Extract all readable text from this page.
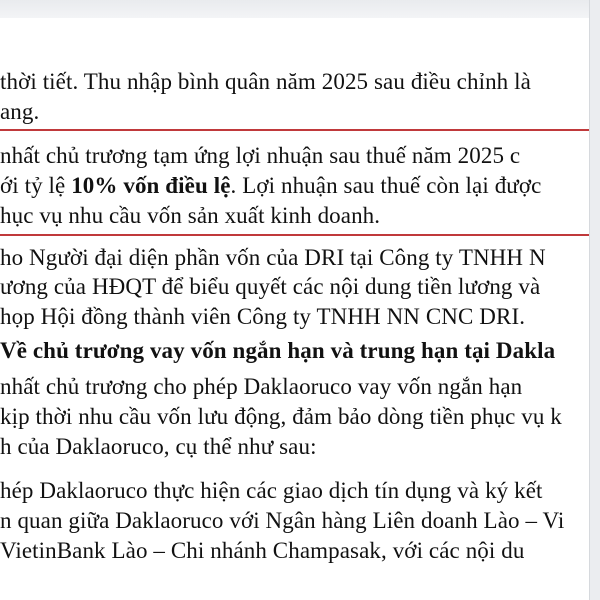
thời tiết. Thu nhập bình quân năm 2025 sau điều chỉnh là
ang.
nhất chủ trương tạm ứng lợi nhuận sau thuế năm 2025 c
ới tỷ lệ 10% vốn điều lệ. Lợi nhuận sau thuế còn lại được
hục vụ nhu cầu vốn sản xuất kinh doanh.
ho Người đại diện phần vốn của DRI tại Công ty TNHH N
ương của HĐQT để biểu quyết các nội dung tiền lương và
họp Hội đồng thành viên Công ty TNHH NN CNC DRI.
Về chủ trương vay vốn ngắn hạn và trung hạn tại Dakla
nhất chủ trương cho phép Daklaoruco vay vốn ngắn hạn
kịp thời nhu cầu vốn lưu động, đảm bảo dòng tiền phục vụ k
h của Daklaoruco, cụ thể như sau:
hép Daklaoruco thực hiện các giao dịch tín dụng và ký kết
n quan giữa Daklaoruco với Ngân hàng Liên doanh Lào – Vi
VietinBank Lào – Chi nhánh Champasak, với các nội du
